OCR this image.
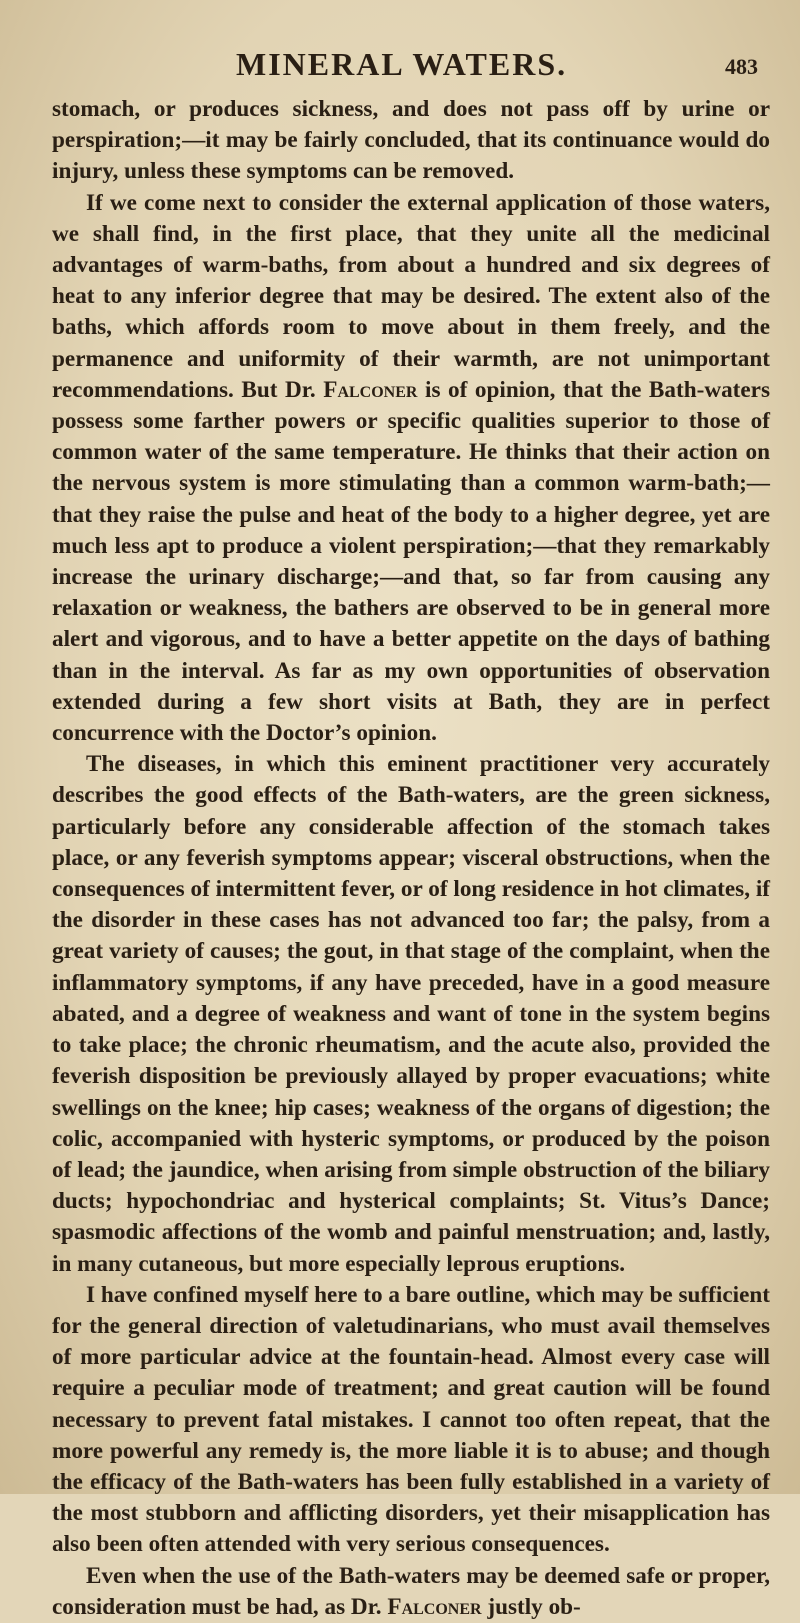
MINERAL WATERS.	483

stomach, or produces sickness, and does not pass off by urine or perspiration;—it may be fairly concluded, that its continuance would do injury, unless these symptoms can be removed.

If we come next to consider the external application of those waters, we shall find, in the first place, that they unite all the medicinal advantages of warm-baths, from about a hundred and six degrees of heat to any inferior degree that may be desired. The extent also of the baths, which affords room to move about in them freely, and the permanence and uniformity of their warmth, are not unimportant recommendations. But Dr. Falconer is of opinion, that the Bath-waters possess some farther powers or specific qualities superior to those of common water of the same temperature. He thinks that their action on the nervous system is more stimulating than a common warm-bath;—that they raise the pulse and heat of the body to a higher degree, yet are much less apt to produce a violent perspiration;—that they remarkably increase the urinary discharge;—and that, so far from causing any relaxation or weakness, the bathers are observed to be in general more alert and vigorous, and to have a better appetite on the days of bathing than in the interval. As far as my own opportunities of observation extended during a few short visits at Bath, they are in perfect concurrence with the Doctor’s opinion.

The diseases, in which this eminent practitioner very accurately describes the good effects of the Bath-waters, are the green sickness, particularly before any considerable affection of the stomach takes place, or any feverish symptoms appear; visceral obstructions, when the consequences of intermittent fever, or of long residence in hot climates, if the disorder in these cases has not advanced too far; the palsy, from a great variety of causes; the gout, in that stage of the complaint, when the inflammatory symptoms, if any have preceded, have in a good measure abated, and a degree of weakness and want of tone in the system begins to take place; the chronic rheumatism, and the acute also, provided the feverish disposition be previously allayed by proper evacuations; white swellings on the knee; hip cases; weakness of the organs of digestion; the colic, accompanied with hysteric symptoms, or produced by the poison of lead; the jaundice, when arising from simple obstruction of the biliary ducts; hypochondriac and hysterical complaints; St. Vitus’s Dance; spasmodic affections of the womb and painful menstruation; and, lastly, in many cutaneous, but more especially leprous eruptions.

I have confined myself here to a bare outline, which may be sufficient for the general direction of valetudinarians, who must avail themselves of more particular advice at the fountain-head. Almost every case will require a peculiar mode of treatment; and great caution will be found necessary to prevent fatal mistakes. I cannot too often repeat, that the more powerful any remedy is, the more liable it is to abuse; and though the efficacy of the Bath-waters has been fully established in a variety of the most stubborn and afflicting disorders, yet their misapplication has also been often attended with very serious consequences.

Even when the use of the Bath-waters may be deemed safe or proper, consideration must be had, as Dr. Falconer justly ob-
